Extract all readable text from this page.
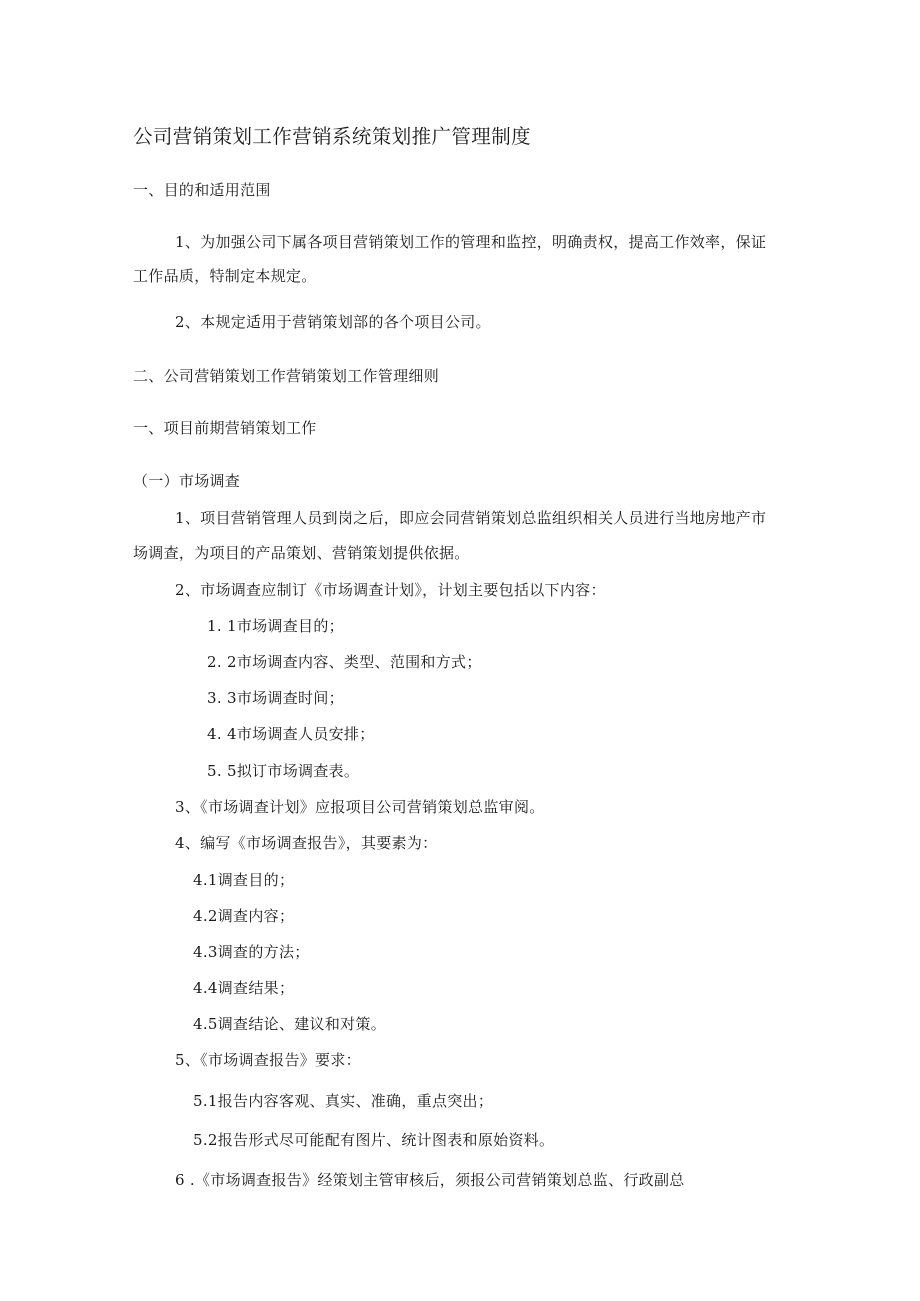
公司营销策划工作营销系统策划推广管理制度
一、目的和适用范围
1、为加强公司下属各项目营销策划工作的管理和监控，明确责权，提高工作效率，保证
工作品质，特制定本规定。
2、本规定适用于营销策划部的各个项目公司。
二、公司营销策划工作营销策划工作管理细则
一、项目前期营销策划工作
（一）市场调查
1、项目营销管理人员到岗之后，即应会同营销策划总监组织相关人员进行当地房地产市
场调查，为项目的产品策划、营销策划提供依据。
2、市场调查应制订《市场调查计划》，计划主要包括以下内容：
1. 1市场调查目的；
2. 2市场调查内容、类型、范围和方式；
3. 3市场调查时间；
4. 4市场调查人员安排；
5. 5拟订市场调查表。
3、《市场调查计划》应报项目公司营销策划总监审阅。
4、编写《市场调查报告》，其要素为：
4.1调查目的；
4.2调查内容；
4.3调查的方法；
4.4调查结果；
4.5调查结论、建议和对策。
5、《市场调查报告》要求：
5.1报告内容客观、真实、准确，重点突出；
5.2报告形式尽可能配有图片、统计图表和原始资料。
6 .《市场调查报告》经策划主管审核后，须报公司营销策划总监、行政副总
